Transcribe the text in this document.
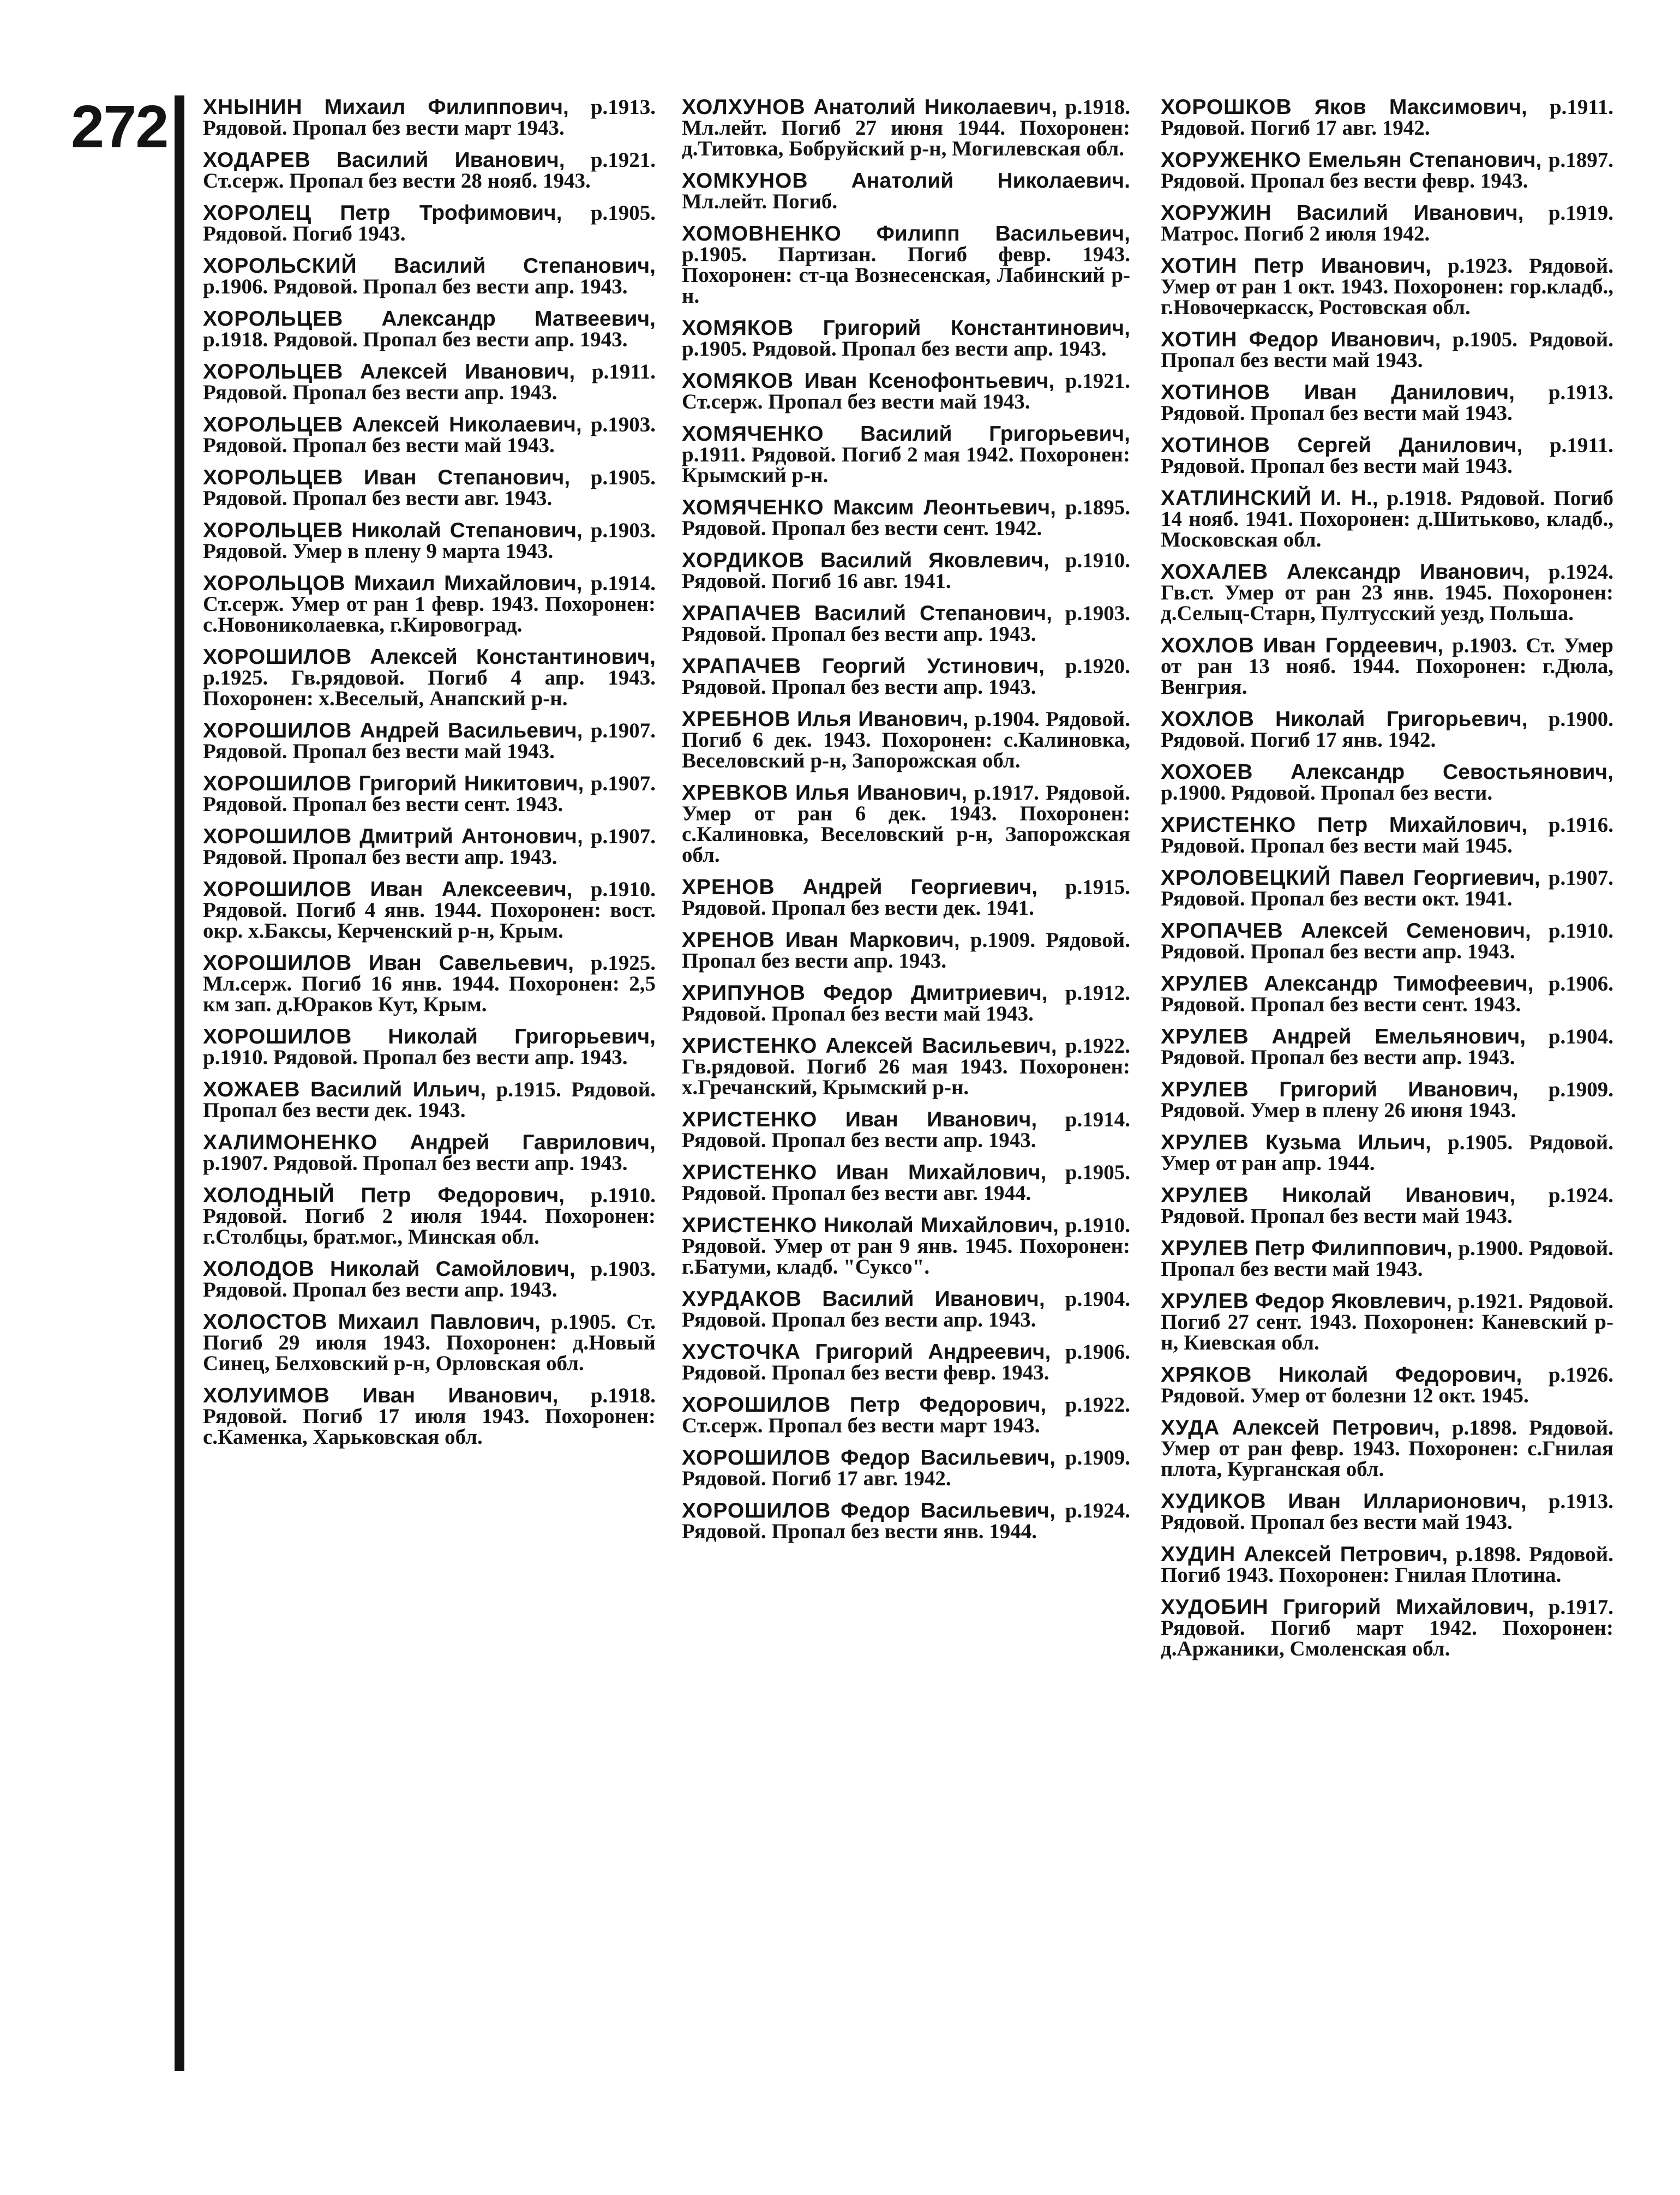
272 ХНЫНИН Михаил Филиппович, р.1913. Рядовой. Пропал без вести март 1943.

ХОДАРЕВ Василий Иванович, р.1921. Ст.серж. Пропал без вести 28 нояб. 1943.

ХОРОЛЕЦ Петр Трофимович, р.1905. Рядовой. Погиб 1943.

ХОРОЛЬСКИЙ Василий Степанович, р.1906. Рядовой. Пропал без вести апр. 1943.

ХОРОЛЬЦЕВ Александр Матвеевич, р.1918. Рядовой. Пропал без вести апр. 1943.

ХОРОЛЬЦЕВ Алексей Иванович, р.1911. Рядовой. Пропал без вести апр. 1943.

ХОРОЛЬЦЕВ Алексей Николаевич, р.1903. Рядовой. Пропал без вести май 1943.

ХОРОЛЬЦЕВ Иван Степанович, р.1905. Рядовой. Пропал без вести авг. 1943.

ХОРОЛЬЦЕВ Николай Степанович, р.1903. Рядовой. Умер в плену 9 марта 1943.

ХОРОЛЬЦОВ Михаил Михайлович, р.1914. Ст.серж. Умер от ран 1 февр. 1943. Похоронен: с.Новониколаевка, г.Кировоград.

ХОРОШИЛОВ Алексей Константинович, р.1925. Гв.рядовой. Погиб 4 апр. 1943. Похоронен: х.Веселый, Анапский р-н.

ХОРОШИЛОВ Андрей Васильевич, р.1907. Рядовой. Пропал без вести май 1943.

ХОРОШИЛОВ Григорий Никитович, р.1907. Рядовой. Пропал без вести сент. 1943.

ХОРОШИЛОВ Дмитрий Антонович, р.1907. Рядовой. Пропал без вести апр. 1943.

ХОРОШИЛОВ Иван Алексеевич, р.1910. Рядовой. Погиб 4 янв. 1944. Похоронен: вост. окр. х.Баксы, Керченский р-н, Крым.

ХОРОШИЛОВ Иван Савельевич, р.1925. Мл.серж. Погиб 16 янв. 1944. Похоронен: 2,5 км зап. д.Юраков Кут, Крым.

ХОРОШИЛОВ Николай Григорьевич, р.1910. Рядовой. Пропал без вести апр. 1943.

ХОЖАЕВ Василий Ильич, р.1915. Рядовой. Пропал без вести дек. 1943.

ХАЛИМОНЕНКО Андрей Гаврилович, р.1907. Рядовой. Пропал без вести апр. 1943.

ХОЛОДНЫЙ Петр Федорович, р.1910. Рядовой. Погиб 2 июля 1944. Похоронен: г.Столбцы, брат.мог., Минская обл.

ХОЛОДОВ Николай Самойлович, р.1903. Рядовой. Пропал без вести апр. 1943.

ХОЛОСТОВ Михаил Павлович, р.1905. Ст. Погиб 29 июля 1943. Похоронен: д.Новый Синец, Белховский р-н, Орловская обл.

ХОЛУИМОВ Иван Иванович, р.1918. Рядовой. Погиб 17 июля 1943. Похоронен: с.Каменка, Харьковская обл.

ХОЛХУНОВ Анатолий Николаевич, р.1918. Мл.лейт. Погиб 27 июня 1944. Похоронен: д.Титовка, Бобруйский р-н, Могилевская обл.

ХОМКУНОВ Анатолий Николаевич. Мл.лейт. Погиб.

ХОМОВНЕНКО Филипп Васильевич, р.1905. Партизан. Погиб февр. 1943. Похоронен: ст-ца Вознесенская, Лабинский р-н.

ХОМЯКОВ Григорий Константинович, р.1905. Рядовой. Пропал без вести апр. 1943.

ХОМЯКОВ Иван Ксенофонтьевич, р.1921. Ст.серж. Пропал без вести май 1943.

ХОМЯЧЕНКО Василий Григорьевич, р.1911. Рядовой. Погиб 2 мая 1942. Похоронен: Крымский р-н.

ХОМЯЧЕНКО Максим Леонтьевич, р.1895. Рядовой. Пропал без вести сент. 1942.

ХОРДИКОВ Василий Яковлевич, р.1910. Рядовой. Погиб 16 авг. 1941.

ХРАПАЧЕВ Василий Степанович, р.1903. Рядовой. Пропал без вести апр. 1943.

ХРАПАЧЕВ Георгий Устинович, р.1920. Рядовой. Пропал без вести апр. 1943.

ХРЕБНОВ Илья Иванович, р.1904. Рядовой. Погиб 6 дек. 1943. Похоронен: с.Калиновка, Веселовский р-н, Запорожская обл.

ХРЕВКОВ Илья Иванович, р.1917. Рядовой. Умер от ран 6 дек. 1943. Похоронен: с.Калиновка, Веселовский р-н, Запорожская обл.

ХРЕНОВ Андрей Георгиевич, р.1915. Рядовой. Пропал без вести дек. 1941.

ХРЕНОВ Иван Маркович, р.1909. Рядовой. Пропал без вести апр. 1943.

ХРИПУНОВ Федор Дмитриевич, р.1912. Рядовой. Пропал без вести май 1943.

ХРИСТЕНКО Алексей Васильевич, р.1922. Гв.рядовой. Погиб 26 мая 1943. Похоронен: х.Гречанский, Крымский р-н.

ХРИСТЕНКО Иван Иванович, р.1914. Рядовой. Пропал без вести апр. 1943.

ХРИСТЕНКО Иван Михайлович, р.1905. Рядовой. Пропал без вести авг. 1944.

ХРИСТЕНКО Николай Михайлович, р.1910. Рядовой. Умер от ран 9 янв. 1945. Похоронен: г.Батуми, кладб. "Суксо".

ХУРДАКОВ Василий Иванович, р.1904. Рядовой. Пропал без вести апр. 1943.

ХУСТОЧКА Григорий Андреевич, р.1906. Рядовой. Пропал без вести февр. 1943.

ХОРОШИЛОВ Петр Федорович, р.1922. Ст.серж. Пропал без вести март 1943.

ХОРОШИЛОВ Федор Васильевич, р.1909. Рядовой. Погиб 17 авг. 1942.

ХОРОШИЛОВ Федор Васильевич, р.1924. Рядовой. Пропал без вести янв. 1944.

ХОРОШКОВ Яков Максимович, р.1911. Рядовой. Погиб 17 авг. 1942.

ХОРУЖЕНКО Емельян Степанович, р.1897. Рядовой. Пропал без вести февр. 1943.

ХОРУЖИН Василий Иванович, р.1919. Матрос. Погиб 2 июля 1942.

ХОТИН Петр Иванович, р.1923. Рядовой. Умер от ран 1 окт. 1943. Похоронен: гор.кладб., г.Новочеркасск, Ростовская обл.

ХОТИН Федор Иванович, р.1905. Рядовой. Пропал без вести май 1943.

ХОТИНОВ Иван Данилович, р.1913. Рядовой. Пропал без вести май 1943.

ХОТИНОВ Сергей Данилович, р.1911. Рядовой. Пропал без вести май 1943.

ХАТЛИНСКИЙ И. Н., р.1918. Рядовой. Погиб 14 нояб. 1941. Похоронен: д.Шитьково, кладб., Московская обл.

ХОХАЛЕВ Александр Иванович, р.1924. Гв.ст. Умер от ран 23 янв. 1945. Похоронен: д.Селыц-Старн, Пултусский уезд, Польша.

ХОХЛОВ Иван Гордеевич, р.1903. Ст. Умер от ран 13 нояб. 1944. Похоронен: г.Дюла, Венгрия.

ХОХЛОВ Николай Григорьевич, р.1900. Рядовой. Погиб 17 янв. 1942.

ХОХОЕВ Александр Севостьянович, р.1900. Рядовой. Пропал без вести.

ХРИСТЕНКО Петр Михайлович, р.1916. Рядовой. Пропал без вести май 1945.

ХРОЛОВЕЦКИЙ Павел Георгиевич, р.1907. Рядовой. Пропал без вести окт. 1941.

ХРОПАЧЕВ Алексей Семенович, р.1910. Рядовой. Пропал без вести апр. 1943.

ХРУЛЕВ Александр Тимофеевич, р.1906. Рядовой. Пропал без вести сент. 1943.

ХРУЛЕВ Андрей Емельянович, р.1904. Рядовой. Пропал без вести апр. 1943.

ХРУЛЕВ Григорий Иванович, р.1909. Рядовой. Умер в плену 26 июня 1943.

ХРУЛЕВ Кузьма Ильич, р.1905. Рядовой. Умер от ран апр. 1944.

ХРУЛЕВ Николай Иванович, р.1924. Рядовой. Пропал без вести май 1943.

ХРУЛЕВ Петр Филиппович, р.1900. Рядовой. Пропал без вести май 1943.

ХРУЛЕВ Федор Яковлевич, р.1921. Рядовой. Погиб 27 сент. 1943. Похоронен: Каневский р-н, Киевская обл.

ХРЯКОВ Николай Федорович, р.1926. Рядовой. Умер от болезни 12 окт. 1945.

ХУДА Алексей Петрович, р.1898. Рядовой. Умер от ран февр. 1943. Похоронен: с.Гнилая плота, Курганская обл.

ХУДИКОВ Иван Илларионович, р.1913. Рядовой. Пропал без вести май 1943.

ХУДИН Алексей Петрович, р.1898. Рядовой. Погиб 1943. Похоронен: Гнилая Плотина.

ХУДОБИН Григорий Михайлович, р.1917. Рядовой. Погиб март 1942. Похоронен: д.Аржаники, Смоленская обл.
